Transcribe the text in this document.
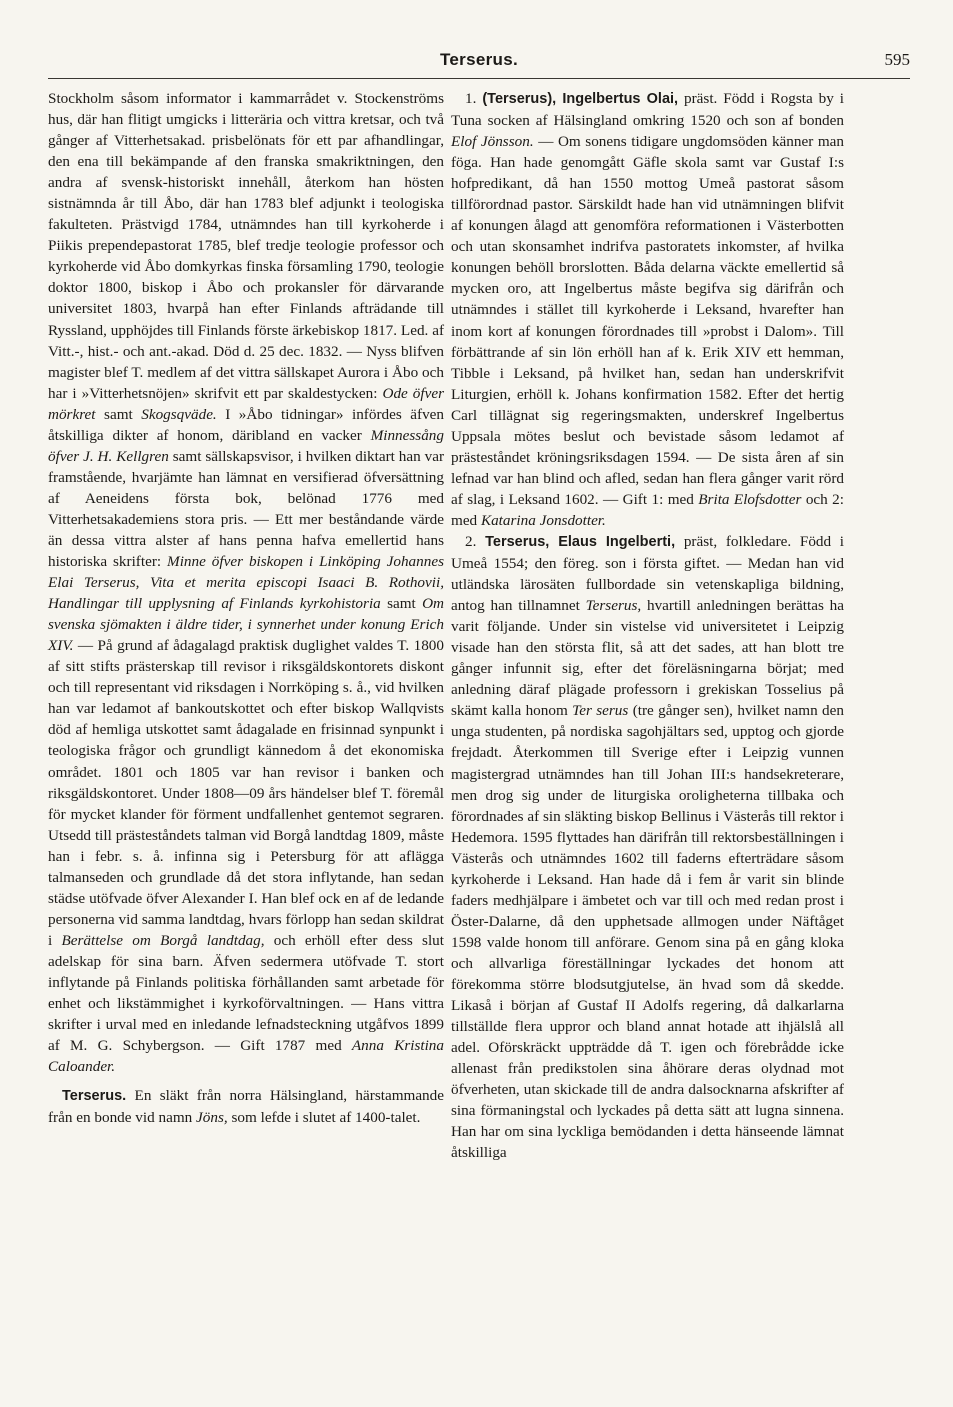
Terserus.	595

Stockholm såsom informator i kammarrådet v. Stockenströms hus, där han flitigt umgicks i litteräria och vittra kretsar, och två gånger af Vitterhetsakad. prisbelönats för ett par afhandlingar, den ena till bekämpande af den franska smakriktningen, den andra af svensk-historiskt innehåll, återkom han hösten sistnämnda år till Åbo, där han 1783 blef adjunkt i teologiska fakulteten. Prästvigd 1784, utnämndes han till kyrkoherde i Piikis prependepastorat 1785, blef tredje teologie professor och kyrkoherde vid Åbo domkyrkas finska församling 1790, teologie doktor 1800, biskop i Åbo och prokansler för därvarande universitet 1803, hvarpå han efter Finlands afträdande till Ryssland, upphöjdes till Finlands förste ärkebiskop 1817. Led. af Vitt.-, hist.- och ant.-akad. Död d. 25 dec. 1832. — Nyss blifven magister blef T. medlem af det vittra sällskapet Aurora i Åbo och har i »Vitterhetsnöjen» skrifvit ett par skaldestycken: Ode öfver mörkret samt Skogsqväde. I »Åbo tidningar» infördes äfven åtskilliga dikter af honom, däribland en vacker Minnessång öfver J. H. Kellgren samt sällskapsvisor, i hvilken diktart han var framstående, hvarjämte han lämnat en versifierad öfversättning af Aeneidens första bok, belönad 1776 med Vitterhetsakademiens stora pris. — Ett mer beståndande värde än dessa vittra alster af hans penna hafva emellertid hans historiska skrifter: Minne öfver biskopen i Linköping Johannes Elai Terserus, Vita et merita episcopi Isaaci B. Rothovii, Handlingar till upplysning af Finlands kyrkohistoria samt Om svenska sjömakten i äldre tider, i synnerhet under konung Erich XIV. — På grund af ådagalagd praktisk duglighet valdes T. 1800 af sitt stifts prästerskap till revisor i riksgäldskontorets diskont och till representant vid riksdagen i Norrköping s. å., vid hvilken han var ledamot af bankoutskottet och efter biskop Wallqvists död af hemliga utskottet samt ådagalade en frisinnad synpunkt i teologiska frågor och grundligt kännedom å det ekonomiska området. 1801 och 1805 var han revisor i banken och riksgäldskontoret. Under 1808—09 års händelser blef T. föremål för mycket klander för förment undfallenhet gentemot segraren. Utsedd till prästeståndets talman vid Borgå landtdag 1809, måste han i febr. s. å. infinna sig i Petersburg för att aflägga talmanseden och grundlade då det stora inflytande, han sedan städse utöfvade öfver Alexander I. Han blef ock en af de ledande personerna vid samma landtdag, hvars förlopp han sedan skildrat i Berättelse om Borgå landtdag, och erhöll efter dess slut adelskap för sina barn. Äfven sedermera utöfvade T. stort inflytande på Finlands politiska förhållanden samt arbetade för enhet och likstämmighet i kyrkoförvaltningen. — Hans vittra skrifter i urval med en inledande lefnadsteckning utgåfvos 1899 af M. G. Schybergson. — Gift 1787 med Anna Kristina Caloander.

Terserus. En släkt från norra Hälsingland, härstammande från en bonde vid namn Jöns, som lefde i slutet af 1400-talet.

1. (Terserus), Ingelbertus Olai, präst. Född i Rogsta by i Tuna socken af Hälsingland omkring 1520 och son af bonden Elof Jönsson. — Om sonens tidigare ungdomsöden känner man föga. Han hade genomgått Gäfle skola samt var Gustaf I:s hofpredikant, då han 1550 mottog Umeå pastorat såsom tillförordnad pastor. Särskildt hade han vid utnämningen blifvit af konungen ålagd att genomföra reformationen i Västerbotten och utan skonsamhet indrifva pastoratets inkomster, af hvilka konungen behöll brorslotten. Båda delarna väckte emellertid så mycken oro, att Ingelbertus måste begifva sig därifrån och utnämndes i stället till kyrkoherde i Leksand, hvarefter han inom kort af konungen förordnades till »probst i Dalom». Till förbättrande af sin lön erhöll han af k. Erik XIV ett hemman, Tibble i Leksand, på hvilket han, sedan han underskrifvit Liturgien, erhöll k. Johans konfirmation 1582. Efter det hertig Carl tillägnat sig regeringsmakten, underskref Ingelbertus Uppsala mötes beslut och bevistade såsom ledamot af prästeståndet kröningsriksdagen 1594. — De sista åren af sin lefnad var han blind och afled, sedan han flera gånger varit rörd af slag, i Leksand 1602. — Gift 1: med Brita Elofsdotter och 2: med Katarina Jonsdotter.

2. Terserus, Elaus Ingelberti, präst, folkledare. Född i Umeå 1554; den föreg. son i första giftet. — Medan han vid utländska lärosäten fullbordade sin vetenskapliga bildning, antog han tillnamnet Terserus, hvartill anledningen berättas ha varit följande. Under sin vistelse vid universitetet i Leipzig visade han den största flit, så att det sades, att han blott tre gånger infunnit sig, efter det föreläsningarna börjat; med anledning däraf plägade professorn i grekiskan Tosselius på skämt kalla honom Ter serus (tre gånger sen), hvilket namn den unga studenten, på nordiska sagohjältars sed, upptog och gjorde frejdadt. Återkommen till Sverige efter i Leipzig vunnen magistergrad utnämndes han till Johan III:s handsekreterare, men drog sig under de liturgiska oroligheterna tillbaka och förordnades af sin släkting biskop Bellinus i Västerås till rektor i Hedemora. 1595 flyttades han därifrån till rektorsbeställningen i Västerås och utnämndes 1602 till faderns efterträdare såsom kyrkoherde i Leksand. Han hade då i fem år varit sin blinde faders medhjälpare i ämbetet och var till och med redan prost i Öster-Dalarne, då den upphetsade allmogen under Näftåget 1598 valde honom till anförare. Genom sina på en gång kloka och allvarliga föreställningar lyckades det honom att förekomma större blodsutgjutelse, än hvad som då skedde. Likaså i början af Gustaf II Adolfs regering, då dalkarlarna tillställde flera uppror och bland annat hotade att ihjälslå all adel. Oförskräckt uppträdde då T. igen och förebrådde icke allenast från predikstolen sina åhörare deras olydnad mot öfverheten, utan skickade till de andra dalsocknarna afskrifter af sina förmaningstal och lyckades på detta sätt att lugna sinnena. Han har om sina lyckliga bemödanden i detta hänseende lämnat åtskilliga
